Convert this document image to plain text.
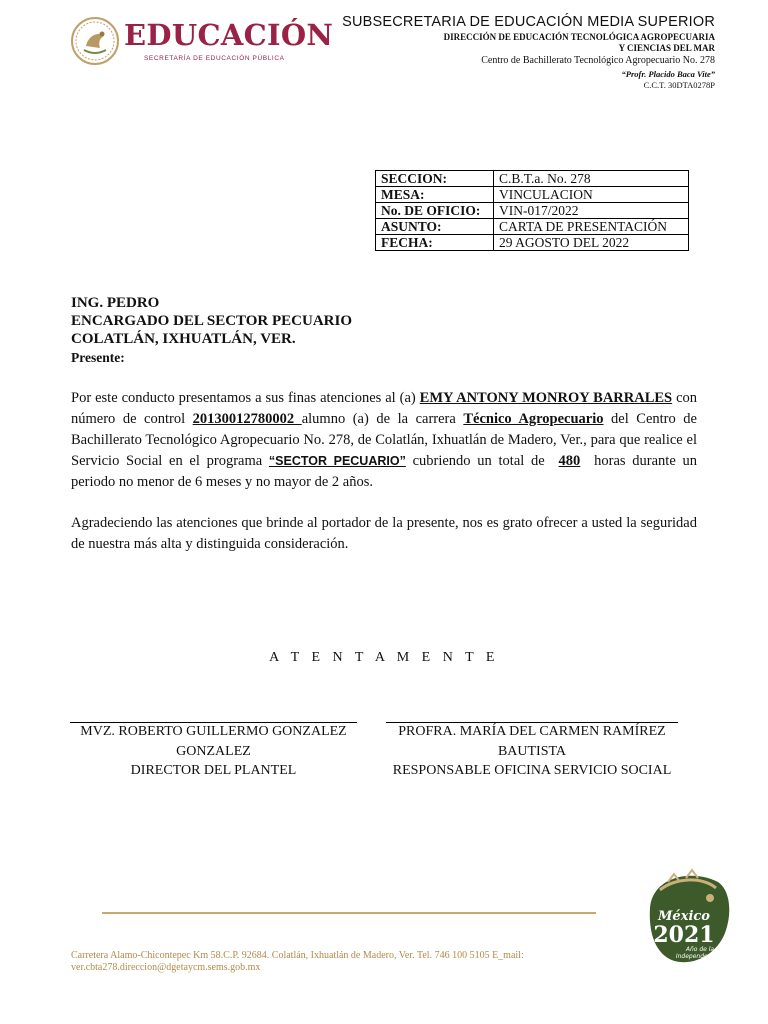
EDUCACIÓN
SECRETARÍA DE EDUCACIÓN PÚBLICA
SUBSECRETARIA DE EDUCACIÓN MEDIA SUPERIOR
DIRECCIÓN DE EDUCACIÓN TECNOLÓGICA AGROPECUARIA
Y CIENCIAS DEL MAR
Centro de Bachillerato Tecnológico Agropecuario No. 278
“Profr. Placido Baca Vite”
C.C.T. 30DTA0278P
SECCION:	C.B.T.a. No. 278
MESA:	VINCULACION
No. DE OFICIO:	VIN-017/2022
ASUNTO:	CARTA DE PRESENTACIÓN
FECHA:	29 AGOSTO DEL 2022
ING. PEDRO
ENCARGADO DEL SECTOR PECUARIO
COLATLÁN, IXHUATLÁN, VER.
Presente:
Por este conducto presentamos a sus finas atenciones al (a) EMY ANTONY MONROY BARRALES con número de control 20130012780002 alumno (a) de la carrera Técnico Agropecuario del Centro de Bachillerato Tecnológico Agropecuario No. 278, de Colatlán, Ixhuatlán de Madero, Ver., para que realice el Servicio Social en el programa “SECTOR PECUARIO” cubriendo un total de 480 horas durante un periodo no menor de 6 meses y no mayor de 2 años.
Agradeciendo las atenciones que brinde al portador de la presente, nos es grato ofrecer a usted la seguridad de nuestra más alta y distinguida consideración.
A T E N T A M E N T E
MVZ. ROBERTO GUILLERMO GONZALEZ
GONZALEZ
DIRECTOR DEL PLANTEL
PROFRA. MARÍA DEL CARMEN RAMÍREZ
BAUTISTA
RESPONSABLE OFICINA SERVICIO SOCIAL
Carretera Alamo-Chicontepec Km 58.C.P. 92684. Colatlán, Ixhuatlán de Madero, Ver. Tel. 746 100 5105 E_mail:
ver.cbta278.direccion@dgetaycm.sems.gob.mx
México
2021
Año de la
Independencia
